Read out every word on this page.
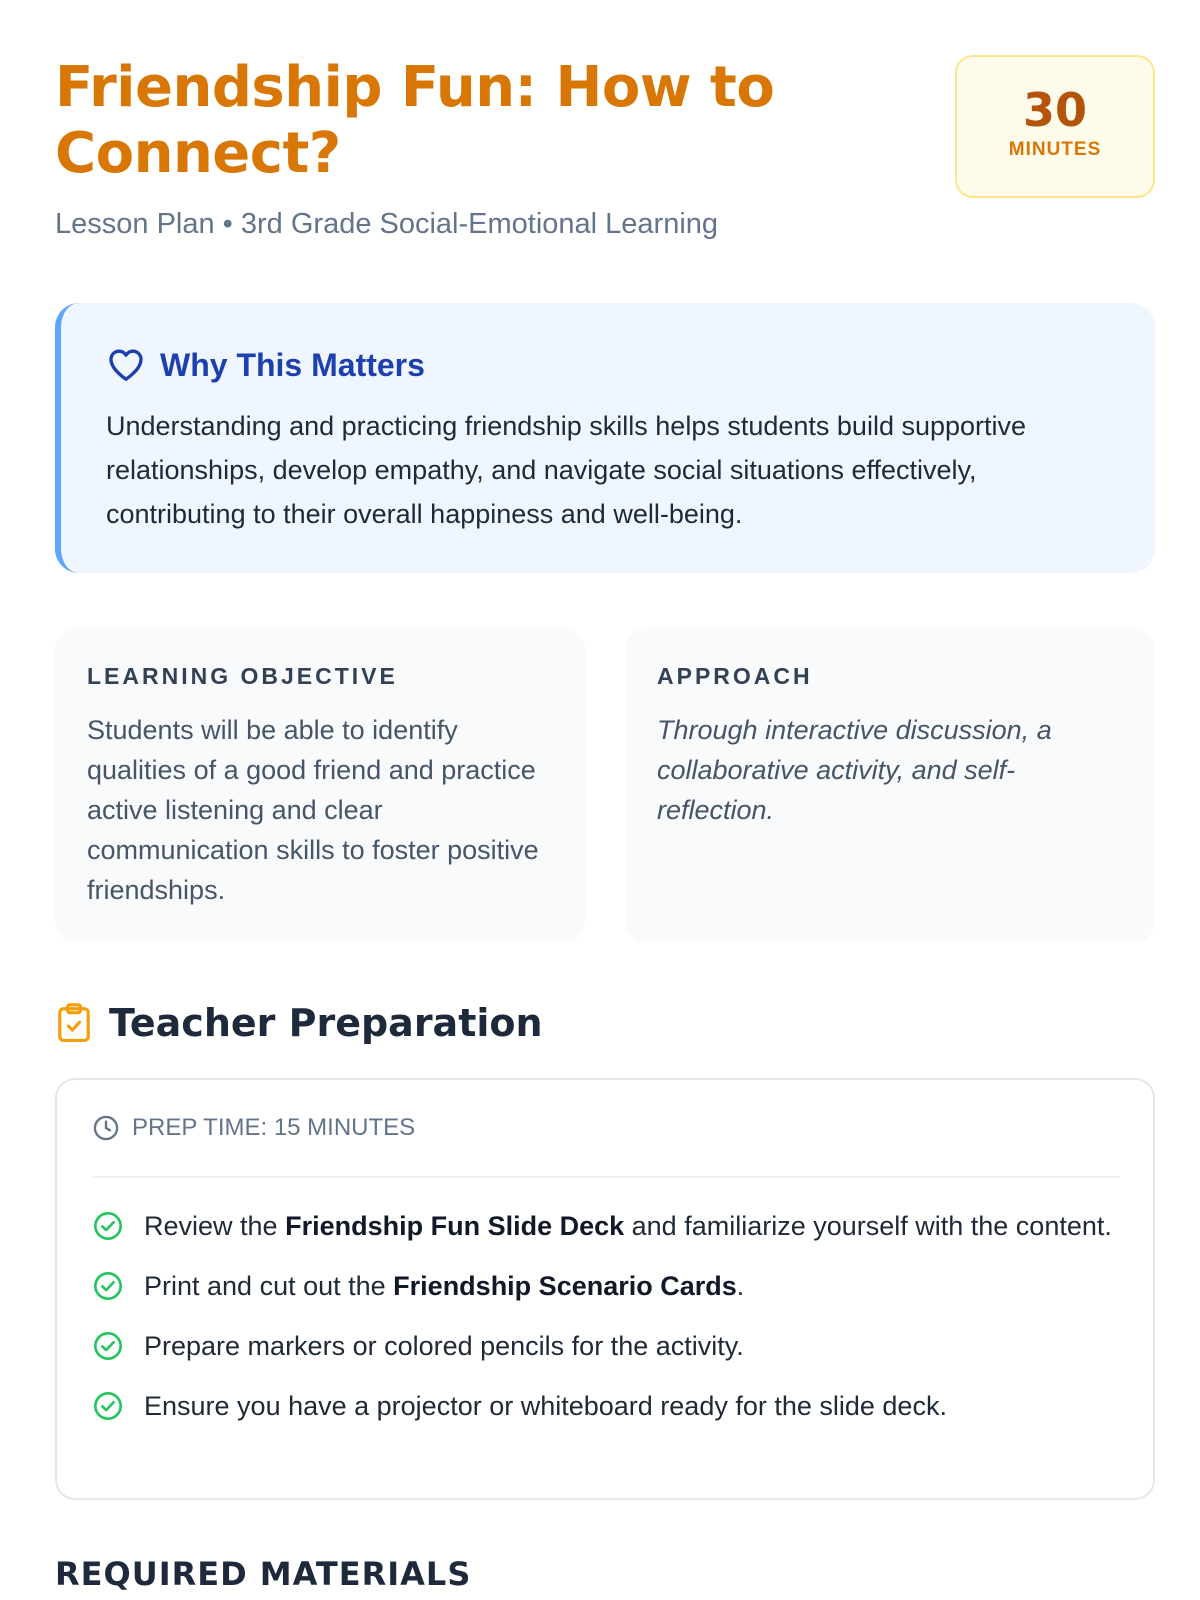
Friendship Fun: How to Connect?
Lesson Plan • 3rd Grade Social-Emotional Learning
30
MINUTES
Why This Matters

Understanding and practicing friendship skills helps students build supportive relationships, develop empathy, and navigate social situations effectively, contributing to their overall happiness and well-being.

LEARNING OBJECTIVE

Students will be able to identify qualities of a good friend and practice active listening and clear communication skills to foster positive friendships.

APPROACH

Through interactive discussion, a collaborative activity, and self-reflection.

Teacher Preparation
PREP TIME: 15 MINUTES
Review the Friendship Fun Slide Deck and familiarize yourself with the content.
Print and cut out the Friendship Scenario Cards.
Prepare markers or colored pencils for the activity.
Ensure you have a projector or whiteboard ready for the slide deck.
REQUIRED MATERIALS
